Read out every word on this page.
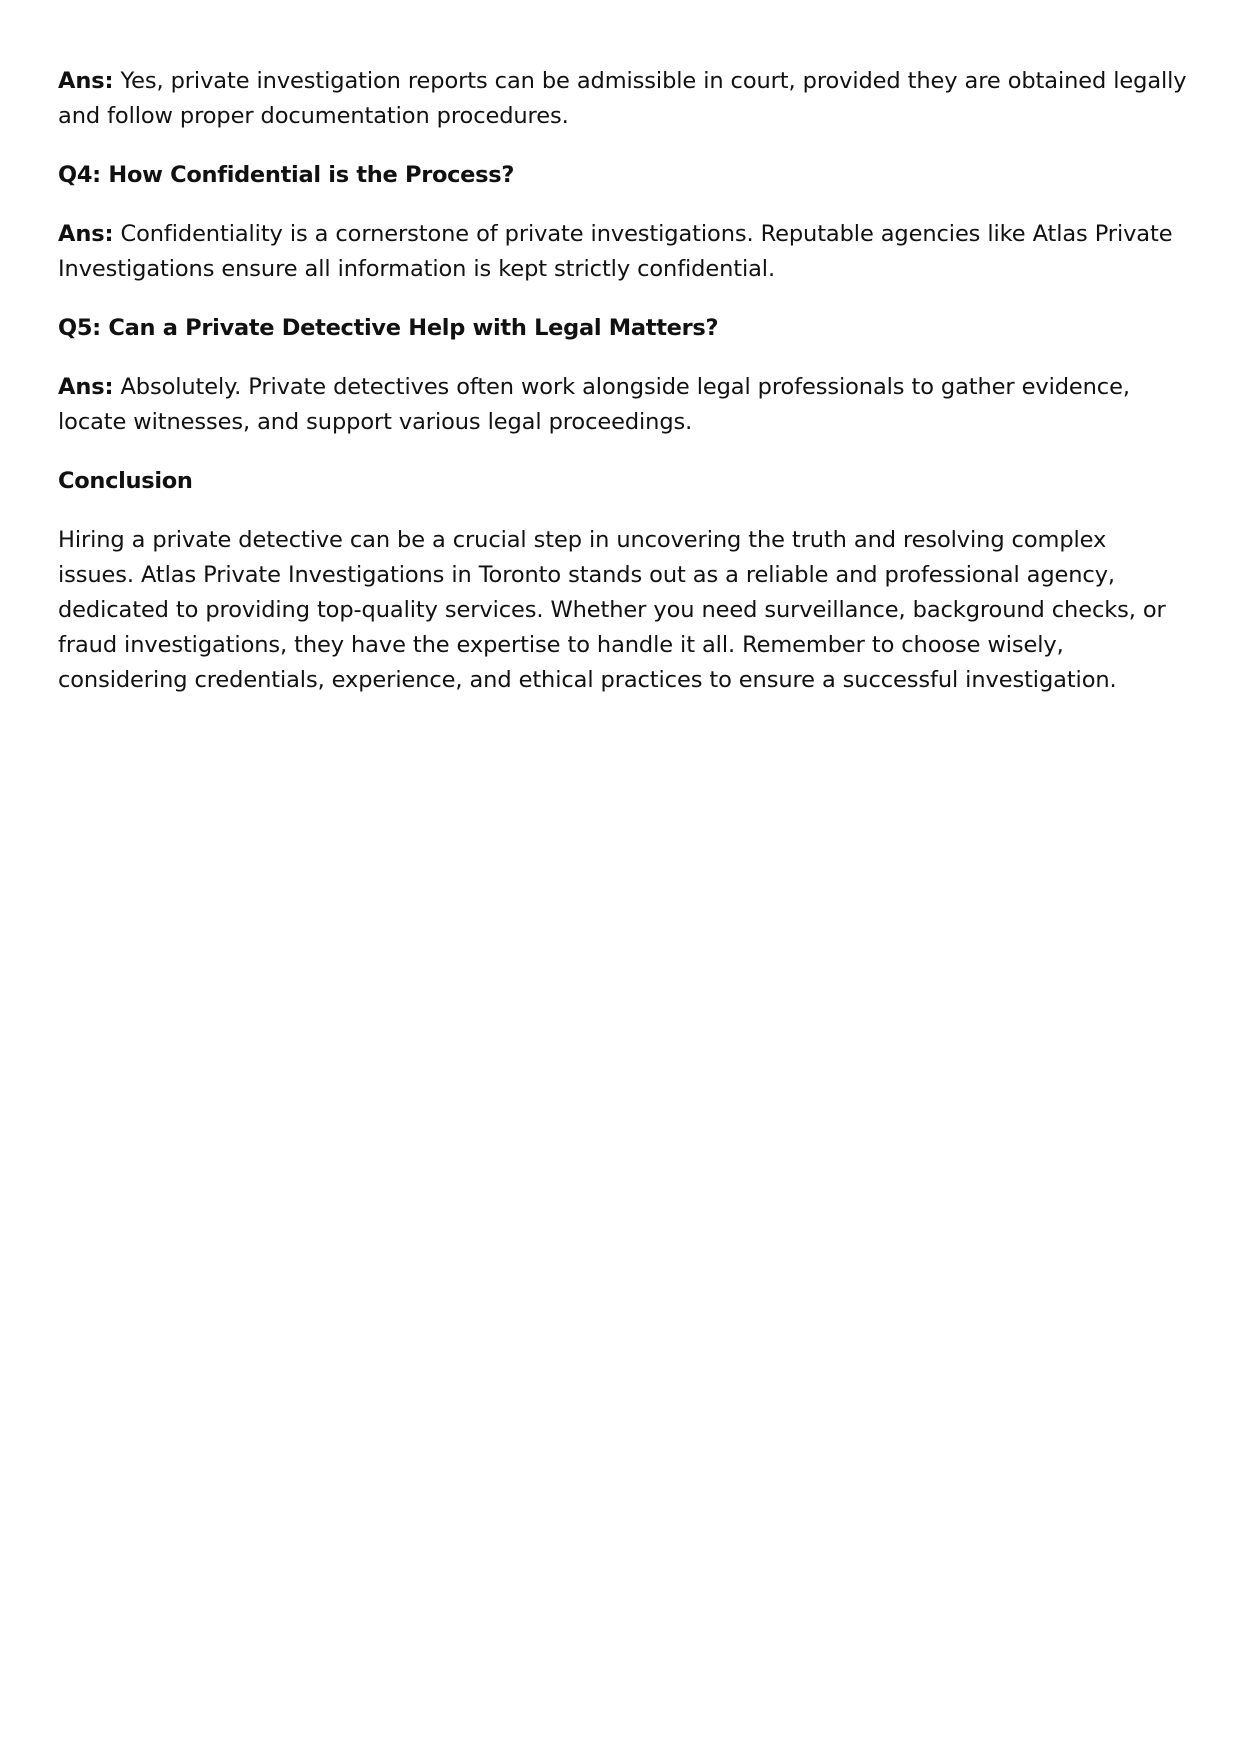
Ans: Yes, private investigation reports can be admissible in court, provided they are obtained legally and follow proper documentation procedures.

Q4: How Confidential is the Process?

Ans: Confidentiality is a cornerstone of private investigations. Reputable agencies like Atlas Private Investigations ensure all information is kept strictly confidential.

Q5: Can a Private Detective Help with Legal Matters?

Ans: Absolutely. Private detectives often work alongside legal professionals to gather evidence, locate witnesses, and support various legal proceedings.

Conclusion

Hiring a private detective can be a crucial step in uncovering the truth and resolving complex issues. Atlas Private Investigations in Toronto stands out as a reliable and professional agency, dedicated to providing top-quality services. Whether you need surveillance, background checks, or fraud investigations, they have the expertise to handle it all. Remember to choose wisely, considering credentials, experience, and ethical practices to ensure a successful investigation.
